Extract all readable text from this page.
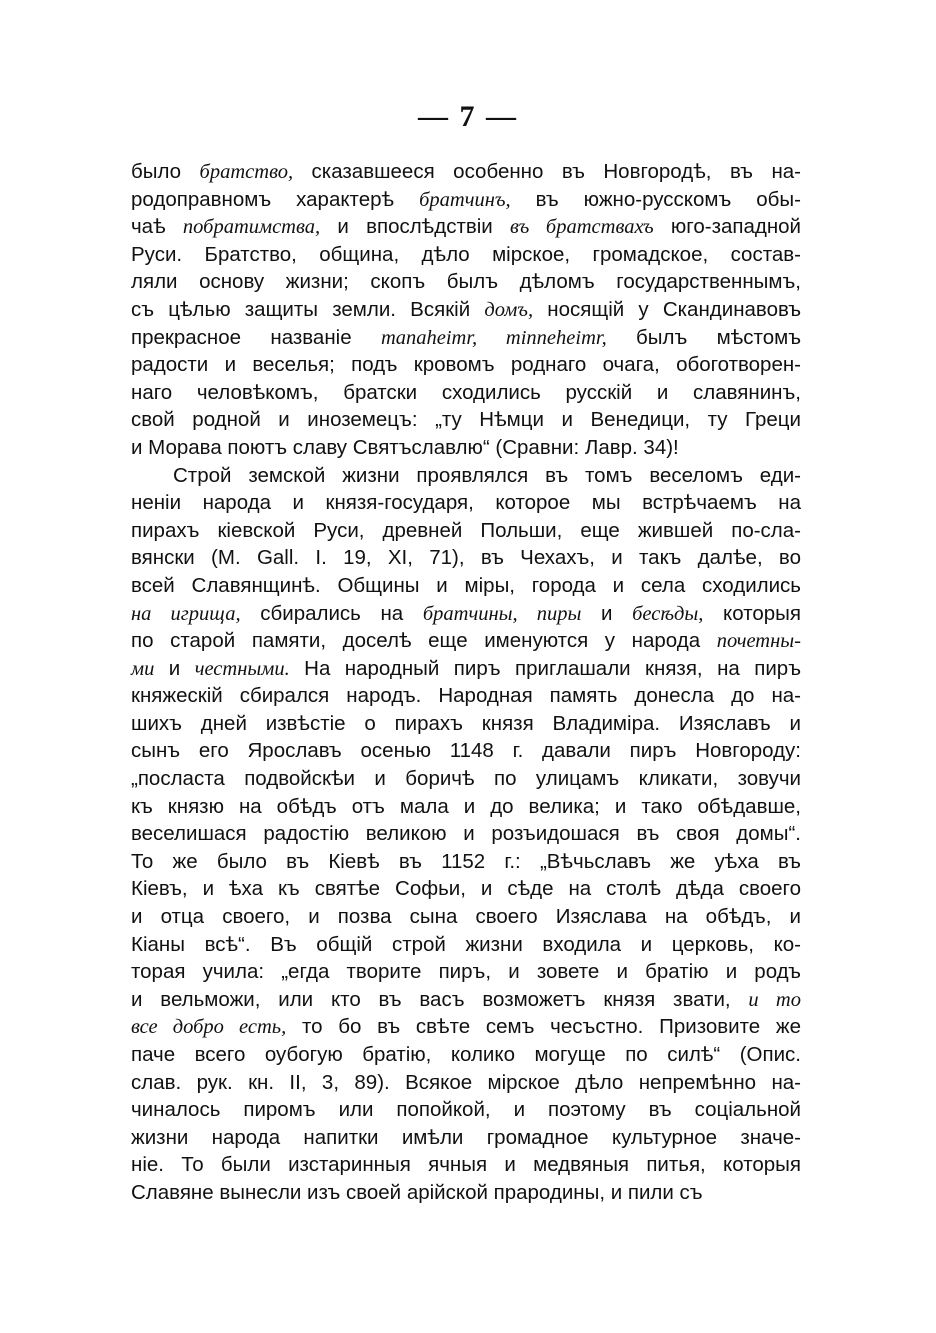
— 7 —
было братство, сказавшееся особенно въ Новгородѣ, въ на-
родоправномъ характерѣ братчинъ, въ южно-русскомъ обы-
чаѣ побратимства, и впослѣдствіи въ братствахъ юго-западной
Руси. Братство, община, дѣло мірское, громадское, состав-
ляли основу жизни; скопъ былъ дѣломъ государственнымъ,
съ цѣлью защиты земли. Всякій домъ, носящій у Скандинавовъ
прекрасное названіе manaheimr, minneheimr, былъ мѣстомъ
радости и веселья; подъ кровомъ роднаго очага, обоготворен-
наго человѣкомъ, братски сходились русскій и славянинъ,
свой родной и иноземецъ: „ту Нѣмци и Венедици, ту Греци
и Морава поютъ славу Святъславлю“ (Сравни: Лавр. 34)!
Строй земской жизни проявлялся въ томъ веселомъ еди-
неніи народа и князя-государя, которое мы встрѣчаемъ на
пирахъ кіевской Руси, древней Польши, еще жившей по-сла-
вянски (M. Gall. I. 19, XI, 71), въ Чехахъ, и такъ далѣе, во
всей Славянщинѣ. Общины и міры, города и села сходились
на игрища, сбирались на братчины, пиры и бесѣды, которыя
по старой памяти, доселѣ еще именуются у народа почетны-
ми и честными. На народный пиръ приглашали князя, на пиръ
княжескій сбирался народъ. Народная память донесла до на-
шихъ дней извѣстіе о пирахъ князя Владиміра. Изяславъ и
сынъ его Ярославъ осенью 1148 г. давали пиръ Новгороду:
„посласта подвойскѣи и боричѣ по улицамъ кликати, зовучи
къ князю на обѣдъ отъ мала и до велика; и тако обѣдавше,
веселишася радостію великою и розъидошася въ своя домы“.
То же было въ Кіевѣ въ 1152 г.: „Вѣчьславъ же уѣха въ
Кіевъ, и ѣха къ святѣе Софьи, и сѣде на столѣ дѣда своего
и отца своего, и позва сына своего Изяслава на обѣдъ, и
Кіаны всѣ“. Въ общій строй жизни входила и церковь, ко-
торая учила: „егда творите пиръ, и зовете и братію и родъ
и вельможи, или кто въ васъ возможетъ князя звати, и то
все добро есть, то бо въ свѣте семъ чесъстно. Призовите же
паче всего оубогую братію, колико могуще по силѣ“ (Опис.
слав. рук. кн. II, 3, 89). Всякое мірское дѣло непремѣнно на-
чиналось пиромъ или попойкой, и поэтому въ соціальной
жизни народа напитки имѣли громадное культурное значе-
ніе. То были изстаринныя ячныя и медвяныя питья, которыя
Славяне вынесли изъ своей арійской прародины, и пили съ
